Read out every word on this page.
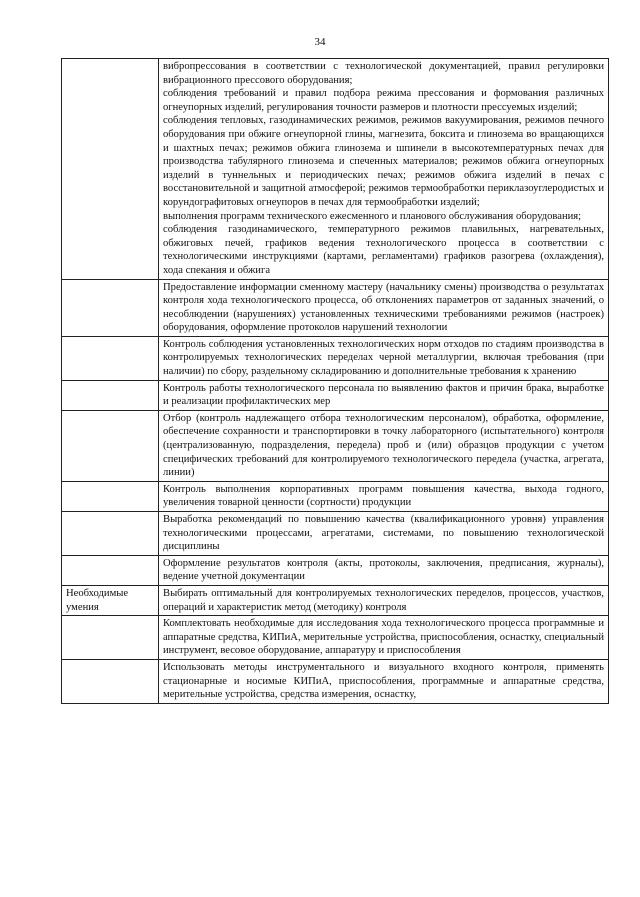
34

	вибропрессования в соответствии с технологической документацией, правил регулировки вибрационного прессового оборудования;
соблюдения требований и правил подбора режима прессования и формования различных огнеупорных изделий, регулирования точности размеров и плотности прессуемых изделий;
соблюдения тепловых, газодинамических режимов, режимов вакуумирования, режимов печного оборудования при обжиге огнеупорной глины, магнезита, боксита и глинозема во вращающихся и шахтных печах; режимов обжига глинозема и шпинели в высокотемпературных печах для производства табулярного глинозема и спеченных материалов; режимов обжига огнеупорных изделий в туннельных и периодических печах; режимов обжига изделий в печах с восстановительной и защитной атмосферой; режимов термообработки периклазоуглеродистых и корундографитовых огнеупоров в печах для термообработки изделий;
выполнения программ технического ежесменного и планового обслуживания оборудования;
соблюдения газодинамического, температурного режимов плавильных, нагревательных, обжиговых печей, графиков ведения технологического процесса в соответствии с технологическими инструкциями (картами, регламентами) графиков разогрева (охлаждения), хода спекания и обжига

	Предоставление информации сменному мастеру (начальнику смены) производства о результатах контроля хода технологического процесса, об отклонениях параметров от заданных значений, о несоблюдении (нарушениях) установленных техническими требованиями режимов (настроек) оборудования, оформление протоколов нарушений технологии

	Контроль соблюдения установленных технологических норм отходов по стадиям производства в контролируемых технологических переделах черной металлургии, включая требования (при наличии) по сбору, раздельному складированию и дополнительные требования к хранению

	Контроль работы технологического персонала по выявлению фактов и причин брака, выработке и реализации профилактических мер

	Отбор (контроль надлежащего отбора технологическим персоналом), обработка, оформление, обеспечение сохранности и транспортировки в точку лабораторного (испытательного) контроля (централизованную, подразделения, передела) проб и (или) образцов продукции с учетом специфических требований для контролируемого технологического передела (участка, агрегата, линии)

	Контроль выполнения корпоративных программ повышения качества, выхода годного, увеличения товарной ценности (сортности) продукции

	Выработка рекомендаций по повышению качества (квалификационного уровня) управления технологическими процессами, агрегатами, системами, по повышению технологической дисциплины

	Оформление результатов контроля (акты, протоколы, заключения, предписания, журналы), ведение учетной документации

Необходимые умения	Выбирать оптимальный для контролируемых технологических переделов, процессов, участков, операций и характеристик метод (методику) контроля

	Комплектовать необходимые для исследования хода технологического процесса программные и аппаратные средства, КИПиА, мерительные устройства, приспособления, оснастку, специальный инструмент, весовое оборудование, аппаратуру и приспособления

	Использовать методы инструментального и визуального входного контроля, применять стационарные и носимые КИПиА, приспособления, программные и аппаратные средства, мерительные устройства, средства измерения, оснастку,
